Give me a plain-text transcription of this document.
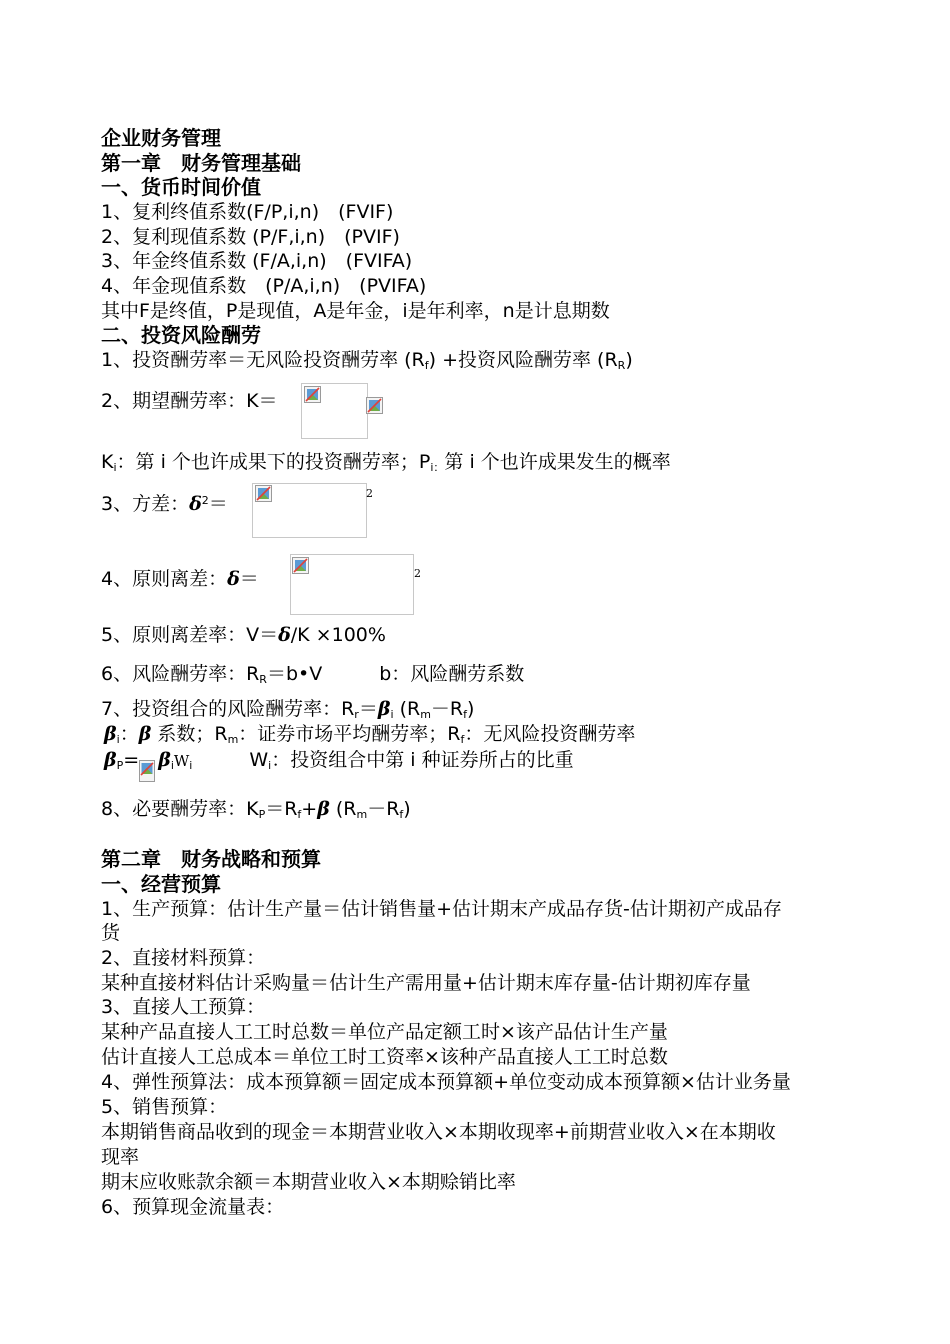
企业财务管理
第一章　财务管理基础
一、货币时间价值
1、复利终值系数(F/P,i,n)　(FVIF)
2、复利现值系数 (P/F,i,n)　(PVIF)
3、年金终值系数 (F/A,i,n)　(FVIFA)
4、年金现值系数　(P/A,i,n)　(PVIFA)
其中F是终值，P是现值，A是年金，i是年利率，n是计息期数
二、投资风险酬劳
1、投资酬劳率＝无风险投资酬劳率 $(R_f)$ +投资风险酬劳率 $(R_R)$
2、期望酬劳率：K＝
$K_i$：第 i 个也许成果下的投资酬劳率；$P_{i:}$第 i 个也许成果发生的概率
3、方差：$\delta^2=$	2
4、原则离差：δ＝	2
5、原则离差率：V＝δ/K ×100%
6、风险酬劳率：$R_R=b•V$　　　b：风险酬劳系数
7、投资组合的风险酬劳率：$R_r=\beta_i$ $(R_m-R_f)$
$\beta_i$：β 系数；$R_m$：证券市场平均酬劳率；$R_f$：无风险投资酬劳率
$\beta_P= \beta_iW_i$　　　$W_i$：投资组合中第 i 种证券所占的比重
8、必要酬劳率：$K_P=R_f+\beta$ $(R_m-R_f)$
第二章　财务战略和预算
一、经营预算
1、生产预算：估计生产量＝估计销售量+估计期末产成品存货-估计期初产成品存
货
2、直接材料预算：
某种直接材料估计采购量＝估计生产需用量+估计期末库存量-估计期初库存量
3、直接人工预算：
某种产品直接人工工时总数＝单位产品定额工时×该产品估计生产量
估计直接人工总成本＝单位工时工资率×该种产品直接人工工时总数
4、弹性预算法：成本预算额＝固定成本预算额+单位变动成本预算额×估计业务量
5、销售预算：
本期销售商品收到的现金＝本期营业收入×本期收现率+前期营业收入×在本期收
现率
期末应收账款余额＝本期营业收入×本期赊销比率
6、预算现金流量表：
